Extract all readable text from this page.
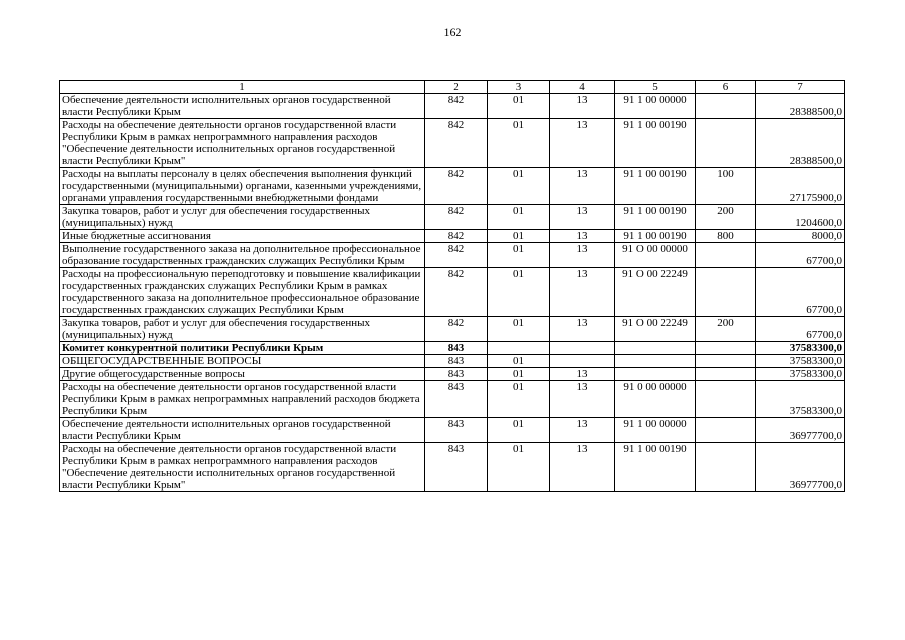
162
1	2	3	4	5	6	7
Обеспечение деятельности исполнительных органов государственной власти Республики Крым	842	01	13	91 1 00 00000		28388500,0
Расходы на обеспечение деятельности органов государственной власти Республики Крым в рамках непрограммного направления расходов "Обеспечение деятельности исполнительных органов государственной власти Республики Крым"	842	01	13	91 1 00 00190		28388500,0
Расходы на выплаты персоналу в целях обеспечения выполнения функций государственными (муниципальными) органами, казенными учреждениями, органами управления государственными внебюджетными фондами	842	01	13	91 1 00 00190	100	27175900,0
Закупка товаров, работ и услуг для обеспечения государственных (муниципальных) нужд	842	01	13	91 1 00 00190	200	1204600,0
Иные бюджетные ассигнования	842	01	13	91 1 00 00190	800	8000,0
Выполнение государственного заказа на дополнительное профессиональное образование государственных гражданских служащих Республики Крым	842	01	13	91 О 00 00000		67700,0
Расходы на профессиональную переподготовку и повышение квалификации государственных гражданских служащих Республики Крым в рамках государственного заказа на дополнительное профессиональное образование государственных гражданских служащих Республики Крым	842	01	13	91 О 00 22249		67700,0
Закупка товаров, работ и услуг для обеспечения государственных (муниципальных) нужд	842	01	13	91 О 00 22249	200	67700,0
Комитет конкурентной политики Республики Крым	843					37583300,0
ОБЩЕГОСУДАРСТВЕННЫЕ ВОПРОСЫ	843	01				37583300,0
Другие общегосударственные вопросы	843	01	13			37583300,0
Расходы на обеспечение деятельности органов государственной власти Республики Крым в рамках непрограммных направлений расходов бюджета Республики Крым	843	01	13	91 0 00 00000		37583300,0
Обеспечение деятельности исполнительных органов государственной власти Республики Крым	843	01	13	91 1 00 00000		36977700,0
Расходы на обеспечение деятельности органов государственной власти Республики Крым в рамках непрограммного направления расходов "Обеспечение деятельности исполнительных органов государственной власти Республики Крым"	843	01	13	91 1 00 00190		36977700,0
